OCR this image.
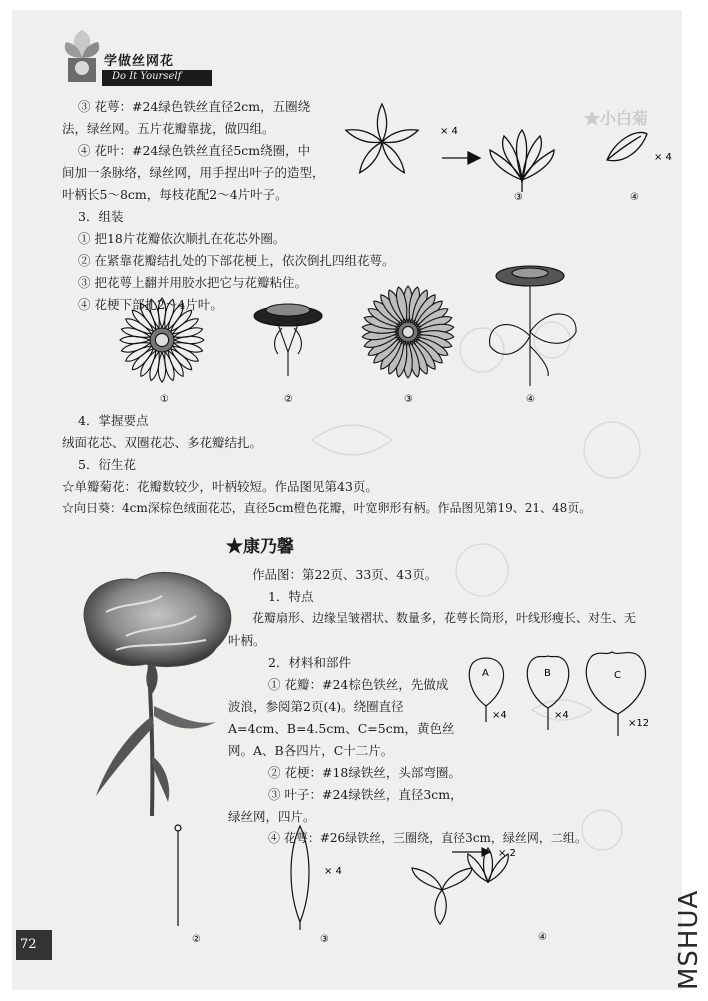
★小白菊
学做丝网花
Do It Yourself
③ 花萼：#24绿色铁丝直径2cm，五圈绕
法，绿丝网。五片花瓣靠拢，做四组。
④ 花叶：#24绿色铁丝直径5cm绕圈，中
间加一条脉络，绿丝网，用手捏出叶子的造型，
叶柄长5～8cm，每枝花配2～4片叶子。
3．组装
① 把18片花瓣依次顺扎在花芯外圈。
② 在紧靠花瓣结扎处的下部花梗上，依次倒扎四组花萼。
③ 把花萼上翻并用胶水把它与花瓣粘住。
④ 花梗下部扎2～4片叶。
× 4
× 4
③	④
①	②	③	④
4．掌握要点
绒面花芯、双圈花芯、多花瓣结扎。
5．衍生花
☆单瓣菊花：花瓣数较少，叶柄较短。作品图见第43页。
☆向日葵：4cm深棕色绒面花芯，直径5cm橙色花瓣，叶宽卵形有柄。作品图见第19、21、48页。
★康乃馨
作品图：第22页、33页、43页。
1．特点
花瓣扇形、边缘呈皱褶状、数量多，花萼长筒形，叶线形瘦长、对生、无
叶柄。
2．材料和部件
① 花瓣：#24棕色铁丝，先做成
波浪，参阅第2页(4)。绕圈直径
A=4cm、B=4.5cm、C=5cm，黄色丝
网。A、B各四片，C十二片。
② 花梗：#18绿铁丝，头部弯圈。
③ 叶子：#24绿铁丝，直径3cm，
绿丝网，四片。
④ 花萼：#26绿铁丝，三圈绕，直径3cm，绿丝网，二组。
A	B	C
×4	×4
×12
× 4
× 2
②	③	④
72	MSHUA
